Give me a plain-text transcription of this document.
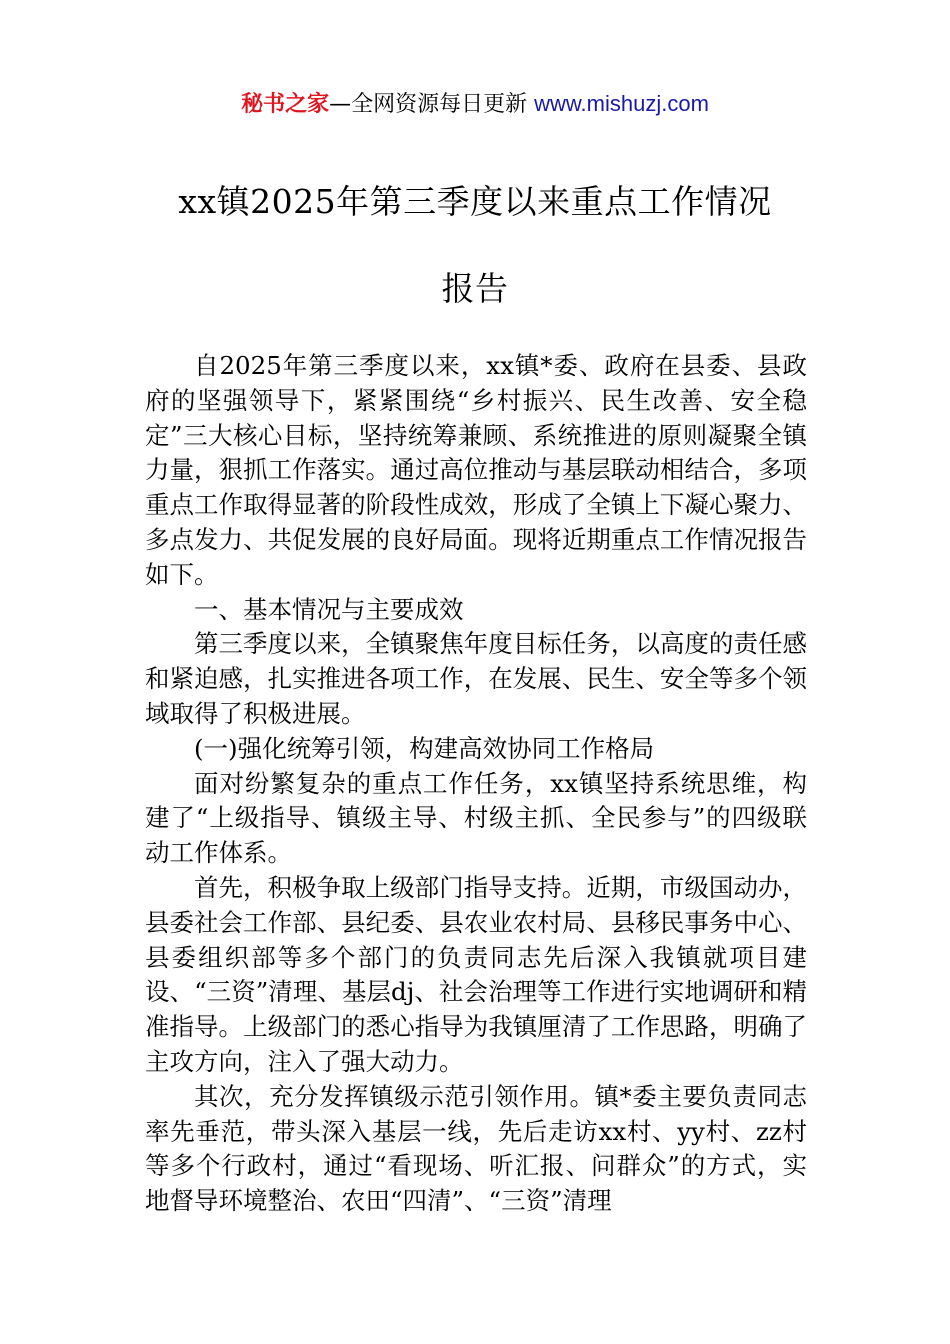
秘书之家—全网资源每日更新 www.mishuzj.com
xx镇2025年第三季度以来重点工作情况
报告

自2025年第三季度以来，xx镇*委、政府在县委、县政府的坚强领导下，紧紧围绕“乡村振兴、民生改善、安全稳定”三大核心目标，坚持统筹兼顾、系统推进的原则凝聚全镇力量，狠抓工作落实。通过高位推动与基层联动相结合，多项重点工作取得显著的阶段性成效，形成了全镇上下凝心聚力、多点发力、共促发展的良好局面。现将近期重点工作情况报告如下。

一、基本情况与主要成效

第三季度以来，全镇聚焦年度目标任务，以高度的责任感和紧迫感，扎实推进各项工作，在发展、民生、安全等多个领域取得了积极进展。

(一)强化统筹引领，构建高效协同工作格局

面对纷繁复杂的重点工作任务，xx镇坚持系统思维，构建了“上级指导、镇级主导、村级主抓、全民参与”的四级联动工作体系。

首先，积极争取上级部门指导支持。近期，市级国动办，县委社会工作部、县纪委、县农业农村局、县移民事务中心、县委组织部等多个部门的负责同志先后深入我镇就项目建设、“三资”清理、基层dj、社会治理等工作进行实地调研和精准指导。上级部门的悉心指导为我镇厘清了工作思路，明确了主攻方向，注入了强大动力。

其次，充分发挥镇级示范引领作用。镇*委主要负责同志率先垂范，带头深入基层一线，先后走访xx村、yy村、zz村等多个行政村，通过“看现场、听汇报、问群众”的方式，实地督导环境整治、农田“四清”、“三资”清理
